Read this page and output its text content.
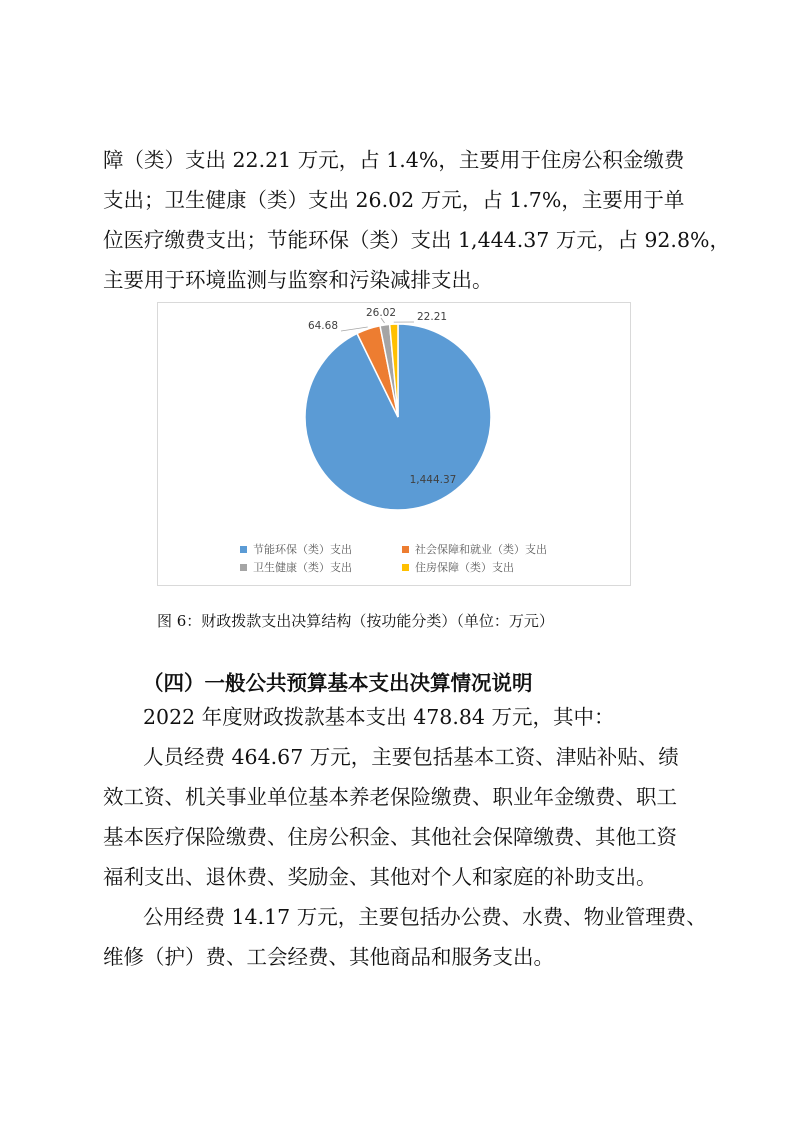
障（类）支出 22.21 万元，占 1.4%，主要用于住房公积金缴费
支出；卫生健康（类）支出 26.02 万元，占 1.7%，主要用于单
位医疗缴费支出；节能环保（类）支出 1,444.37 万元，占 92.8%，
主要用于环境监测与监察和污染减排支出。
1,444.37
64.68
26.02 22.21
节能环保（类）支出	社会保障和就业（类）支出
卫生健康（类）支出	住房保障（类）支出
图 6：财政拨款支出决算结构（按功能分类）（单位：万元）
（四）一般公共预算基本支出决算情况说明
2022 年度财政拨款基本支出 478.84 万元，其中：
人员经费 464.67 万元，主要包括基本工资、津贴补贴、绩
效工资、机关事业单位基本养老保险缴费、职业年金缴费、职工
基本医疗保险缴费、住房公积金、其他社会保障缴费、其他工资
福利支出、退休费、奖励金、其他对个人和家庭的补助支出。
公用经费 14.17 万元，主要包括办公费、水费、物业管理费、
维修（护）费、工会经费、其他商品和服务支出。
